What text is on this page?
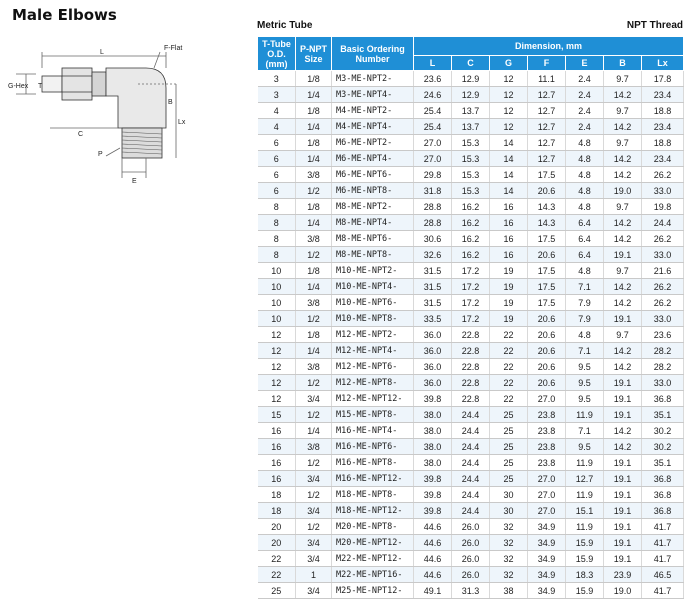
Male Elbows
L
F-Flat
G-Hex T
C
Lx
B
P
E
Metric Tube	NPT Thread
T-Tube O.D. (mm)	P-NPT Size	Basic Ordering Number	Dimension, mm						
			L	C	G	F	E	B	Lx
3	1/8	M3-ME-NPT2-	23.6	12.9	12	11.1	2.4	9.7	17.8
3	1/4	M3-ME-NPT4-	24.6	12.9	12	12.7	2.4	14.2	23.4
4	1/8	M4-ME-NPT2-	25.4	13.7	12	12.7	2.4	9.7	18.8
4	1/4	M4-ME-NPT4-	25.4	13.7	12	12.7	2.4	14.2	23.4
6	1/8	M6-ME-NPT2-	27.0	15.3	14	12.7	4.8	9.7	18.8
6	1/4	M6-ME-NPT4-	27.0	15.3	14	12.7	4.8	14.2	23.4
6	3/8	M6-ME-NPT6-	29.8	15.3	14	17.5	4.8	14.2	26.2
6	1/2	M6-ME-NPT8-	31.8	15.3	14	20.6	4.8	19.0	33.0
8	1/8	M8-ME-NPT2-	28.8	16.2	16	14.3	4.8	9.7	19.8
8	1/4	M8-ME-NPT4-	28.8	16.2	16	14.3	6.4	14.2	24.4
8	3/8	M8-ME-NPT6-	30.6	16.2	16	17.5	6.4	14.2	26.2
8	1/2	M8-ME-NPT8-	32.6	16.2	16	20.6	6.4	19.1	33.0
10	1/8	M10-ME-NPT2-	31.5	17.2	19	17.5	4.8	9.7	21.6
10	1/4	M10-ME-NPT4-	31.5	17.2	19	17.5	7.1	14.2	26.2
10	3/8	M10-ME-NPT6-	31.5	17.2	19	17.5	7.9	14.2	26.2
10	1/2	M10-ME-NPT8-	33.5	17.2	19	20.6	7.9	19.1	33.0
12	1/8	M12-ME-NPT2-	36.0	22.8	22	20.6	4.8	9.7	23.6
12	1/4	M12-ME-NPT4-	36.0	22.8	22	20.6	7.1	14.2	28.2
12	3/8	M12-ME-NPT6-	36.0	22.8	22	20.6	9.5	14.2	28.2
12	1/2	M12-ME-NPT8-	36.0	22.8	22	20.6	9.5	19.1	33.0
12	3/4	M12-ME-NPT12-	39.8	22.8	22	27.0	9.5	19.1	36.8
15	1/2	M15-ME-NPT8-	38.0	24.4	25	23.8	11.9	19.1	35.1
16	1/4	M16-ME-NPT4-	38.0	24.4	25	23.8	7.1	14.2	30.2
16	3/8	M16-ME-NPT6-	38.0	24.4	25	23.8	9.5	14.2	30.2
16	1/2	M16-ME-NPT8-	38.0	24.4	25	23.8	11.9	19.1	35.1
16	3/4	M16-ME-NPT12-	39.8	24.4	25	27.0	12.7	19.1	36.8
18	1/2	M18-ME-NPT8-	39.8	24.4	30	27.0	11.9	19.1	36.8
18	3/4	M18-ME-NPT12-	39.8	24.4	30	27.0	15.1	19.1	36.8
20	1/2	M20-ME-NPT8-	44.6	26.0	32	34.9	11.9	19.1	41.7
20	3/4	M20-ME-NPT12-	44.6	26.0	32	34.9	15.9	19.1	41.7
22	3/4	M22-ME-NPT12-	44.6	26.0	32	34.9	15.9	19.1	41.7
22	1	M22-ME-NPT16-	44.6	26.0	32	34.9	18.3	23.9	46.5
25	3/4	M25-ME-NPT12-	49.1	31.3	38	34.9	15.9	19.0	41.7
